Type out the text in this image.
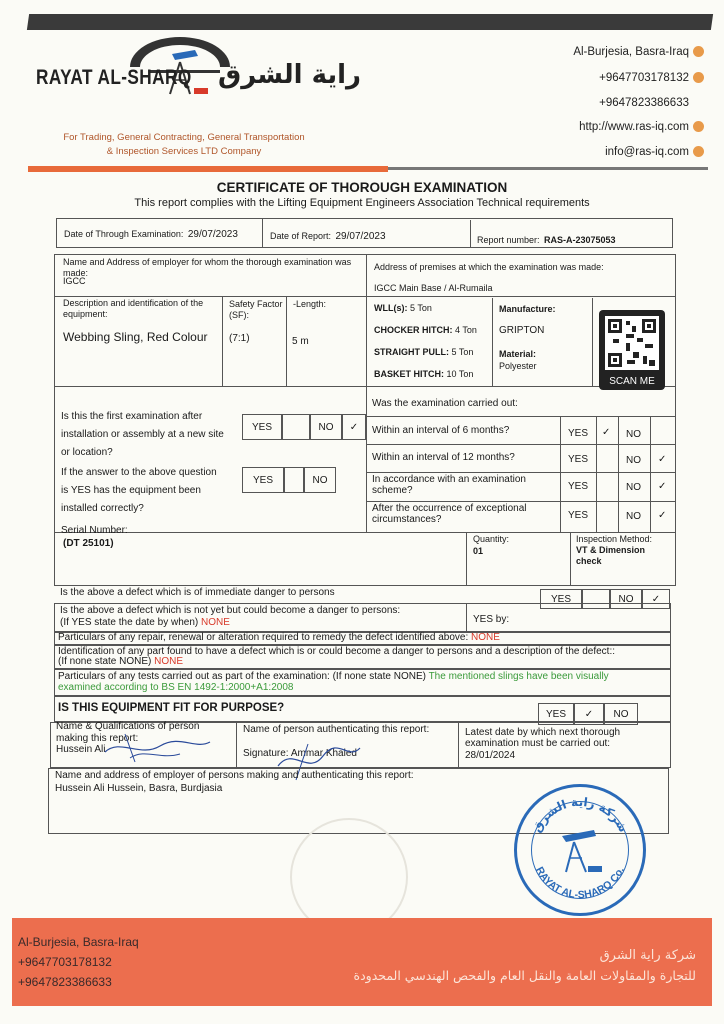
RAYAT AL-SHARQ راية الشرق
For Trading, General Contracting, General Transportation
& Inspection Services LTD Company
Al-Burjesia, Basra-Iraq
+9647703178132
+9647823386633
http://www.ras-iq.com
info@ras-iq.com
CERTIFICATE OF THOROUGH EXAMINATION
This report complies with the Lifting Equipment Engineers Association Technical requirements
Date of Through Examination: 29/07/2023	Date of Report: 29/07/2023	Report number: RAS-A-23075053
Name and Address of employer for whom the thorough examination was made:
IGCC
Address of premises at which the examination was made:
IGCC Main Base / Al-Rumaila
Description and identification of the equipment:
Webbing Sling, Red Colour
Safety Factor (SF):
(7:1)
-Length:
5 m
WLL(s): 5 Ton
CHOCKER HITCH: 4 Ton
STRAIGHT PULL: 5 Ton
BASKET HITCH: 10 Ton
Manufacture:
GRIPTON
Material:
Polyester
SCAN ME
Is this the first examination after
installation or assembly at a new site
or location?
YES	NO	✓
If the answer to the above question
is YES has the equipment been
installed correctly?
YES	NO
Was the examination carried out:
Within an interval of 6 months?	YES ✓ NO
Within an interval of 12 months?	YES	NO ✓
In accordance with an examination scheme?	YES	NO ✓
After the occurrence of exceptional circumstances?	YES	NO ✓
Serial Number:
(DT 25101)	Quantity:
01
Inspection Method:
VT & Dimension check
Is the above a defect which is of immediate danger to persons
YES	NO	✓
Is the above a defect which is not yet but could become a danger to persons:
(If YES state the date by when) NONE	YES by:
Particulars of any repair, renewal or alteration required to remedy the defect identified above: NONE
Identification of any part found to have a defect which is or could become a danger to persons and a description of the defect::
(If none state NONE) NONE
Particulars of any tests carried out as part of the examination: (If none state NONE) The mentioned slings have been visually
examined according to BS EN 1492-1:2000+A1:2008
IS THIS EQUIPMENT FIT FOR PURPOSE?	YES	✓	NO
Name & Qualifications of person
making this report:
Hussein Ali
Name of person authenticating this report:
Signature: Ammar Khaled
Latest date by which next thorough examination must be carried out:
28/01/2024
Name and address of employer of persons making and authenticating this report:
Hussein Ali Hussein, Basra, Burdjasia
شركة راية الشرق
RAYAT AL-SHARQ Co.
Al-Burjesia, Basra-Iraq
+9647703178132
+9647823386633
شركة راية الشرق
للتجارة والمقاولات العامة والنقل العام والفحص الهندسي المحدودة
